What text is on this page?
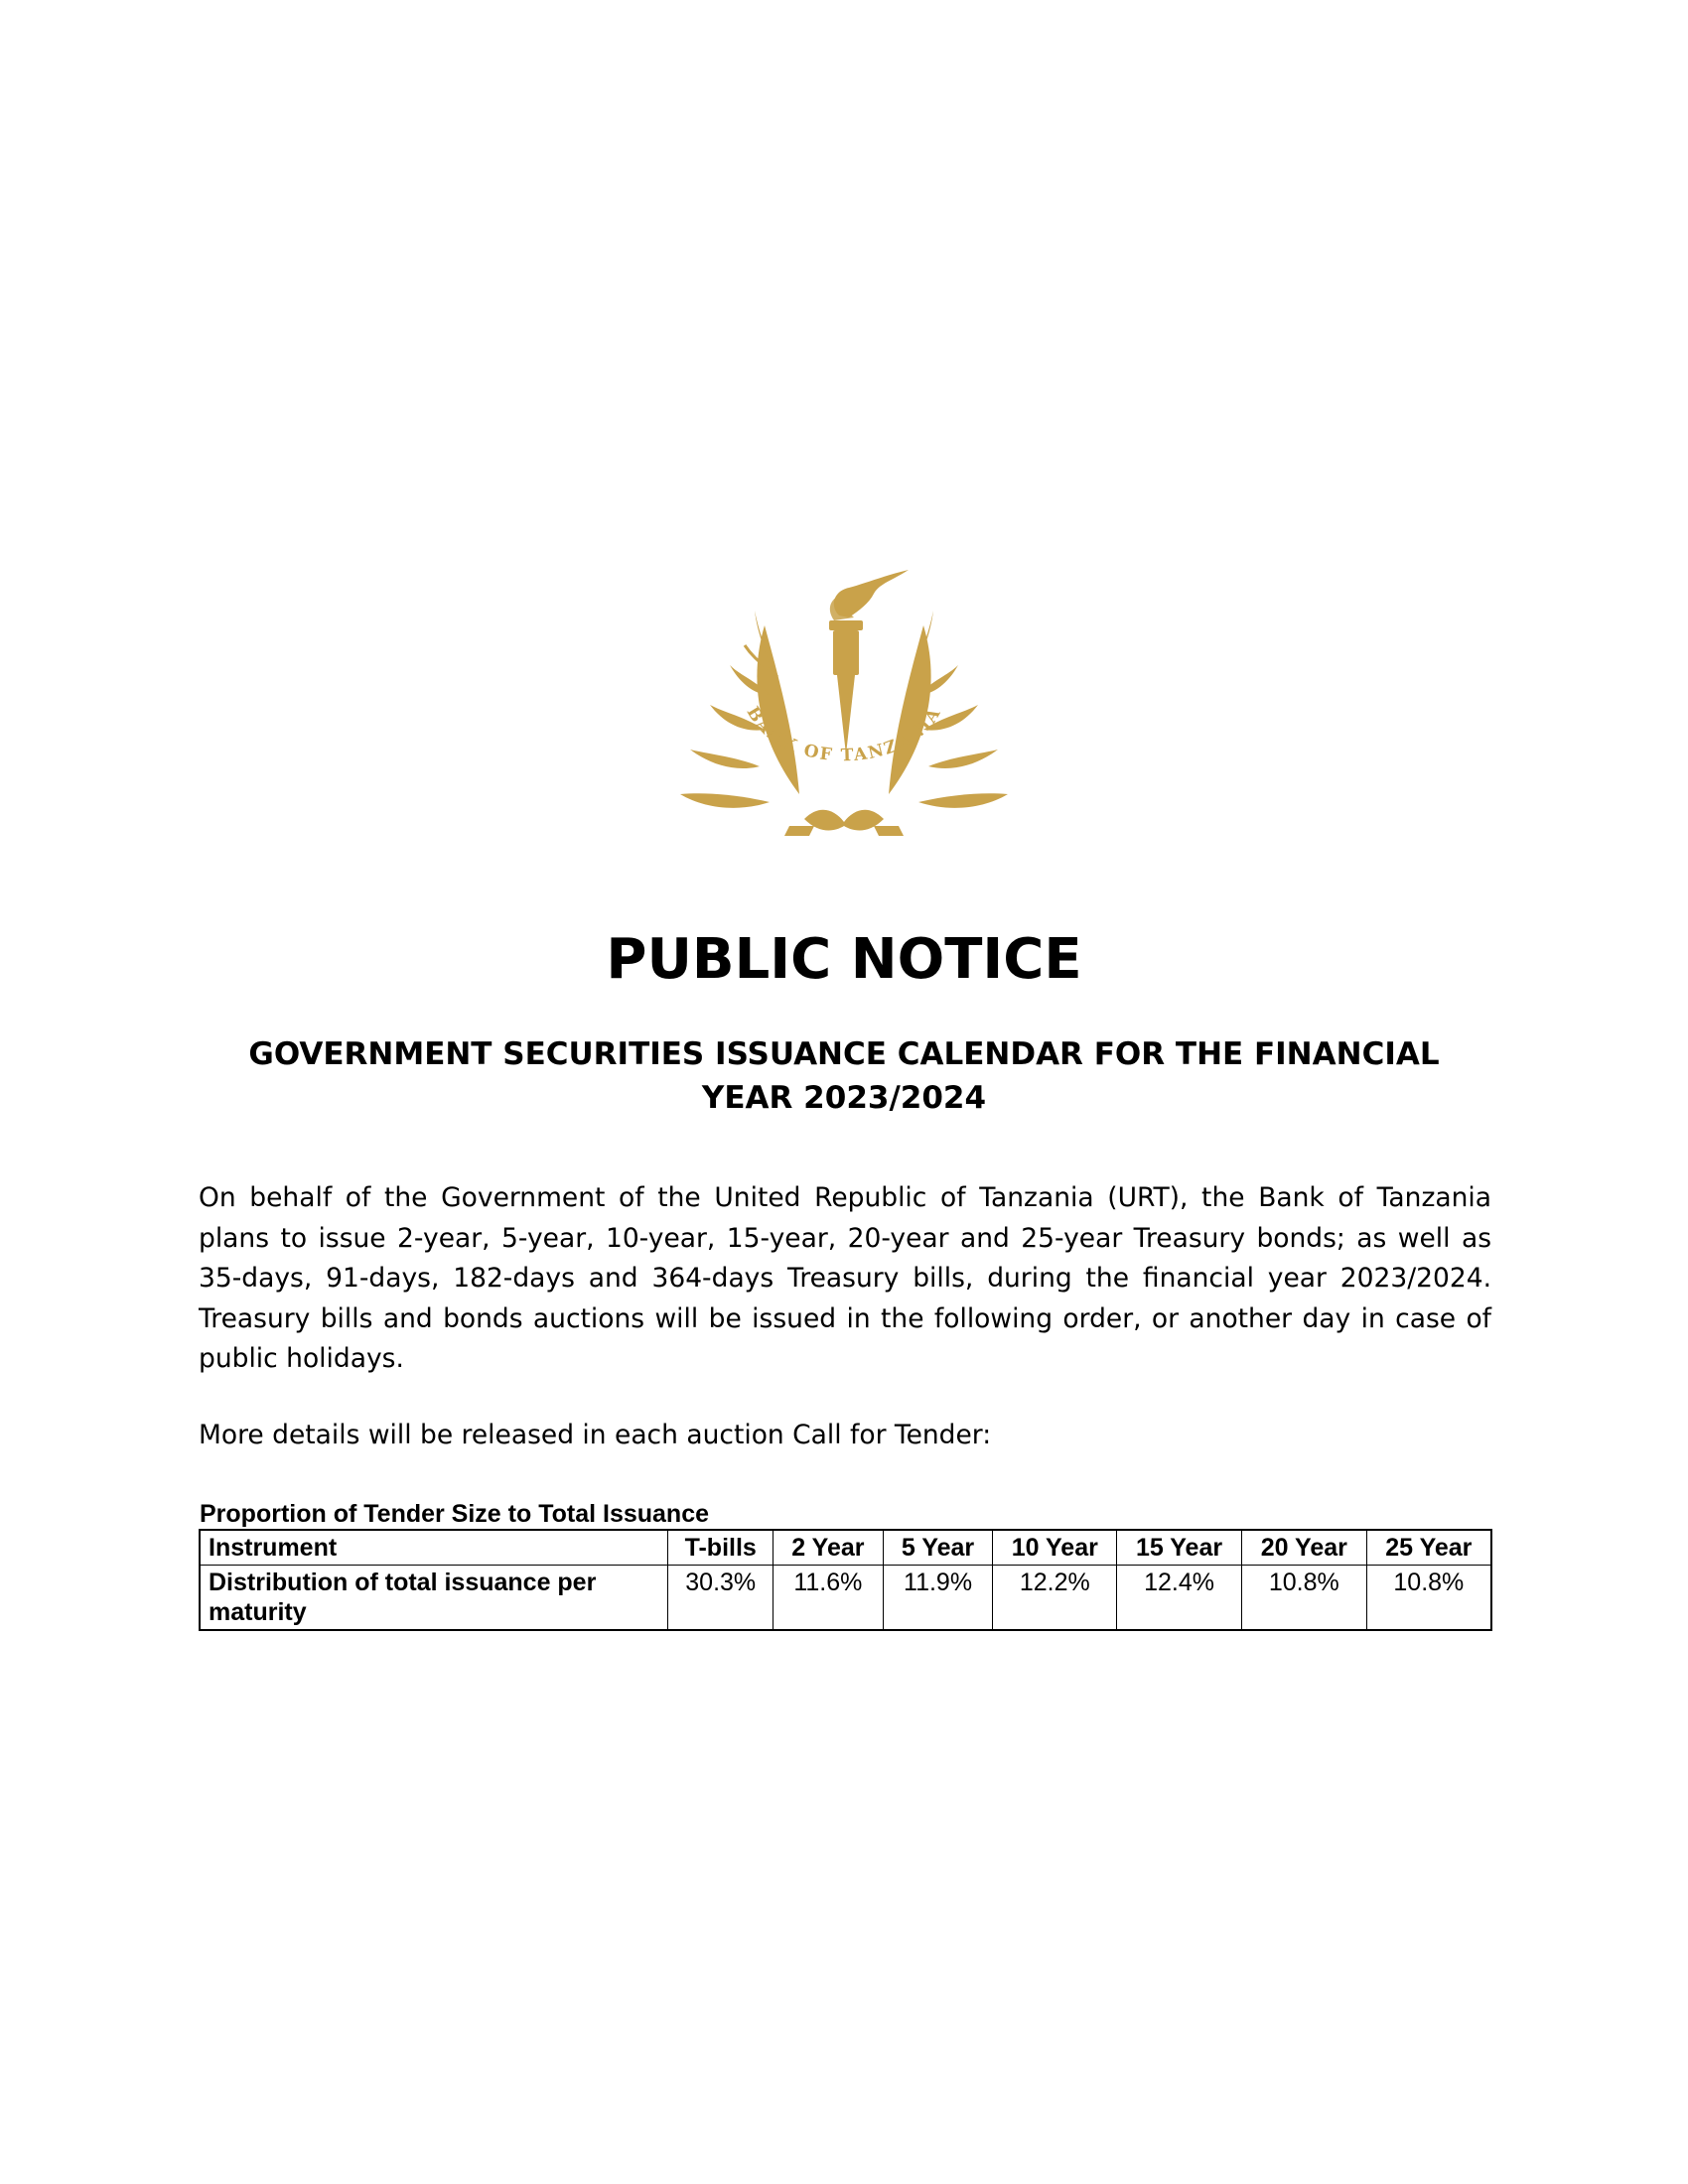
BANK OF TANZANIA
PUBLIC NOTICE
GOVERNMENT SECURITIES ISSUANCE CALENDAR FOR THE FINANCIAL
YEAR 2023/2024
On behalf of the Government of the United Republic of Tanzania (URT), the Bank of Tanzania plans to issue 2-year, 5-year, 10-year, 15-year, 20-year and 25-year Treasury bonds; as well as 35-days, 91-days, 182-days and 364-days Treasury bills, during the financial year 2023/2024. Treasury bills and bonds auctions will be issued in the following order, or another day in case of public holidays.
More details will be released in each auction Call for Tender:
Proportion of Tender Size to Total Issuance
Instrument	T-bills	2 Year	5 Year	10 Year	15 Year	20 Year	25 Year
Distribution of total issuance per maturity	30.3%	11.6%	11.9%	12.2%	12.4%	10.8%	10.8%
